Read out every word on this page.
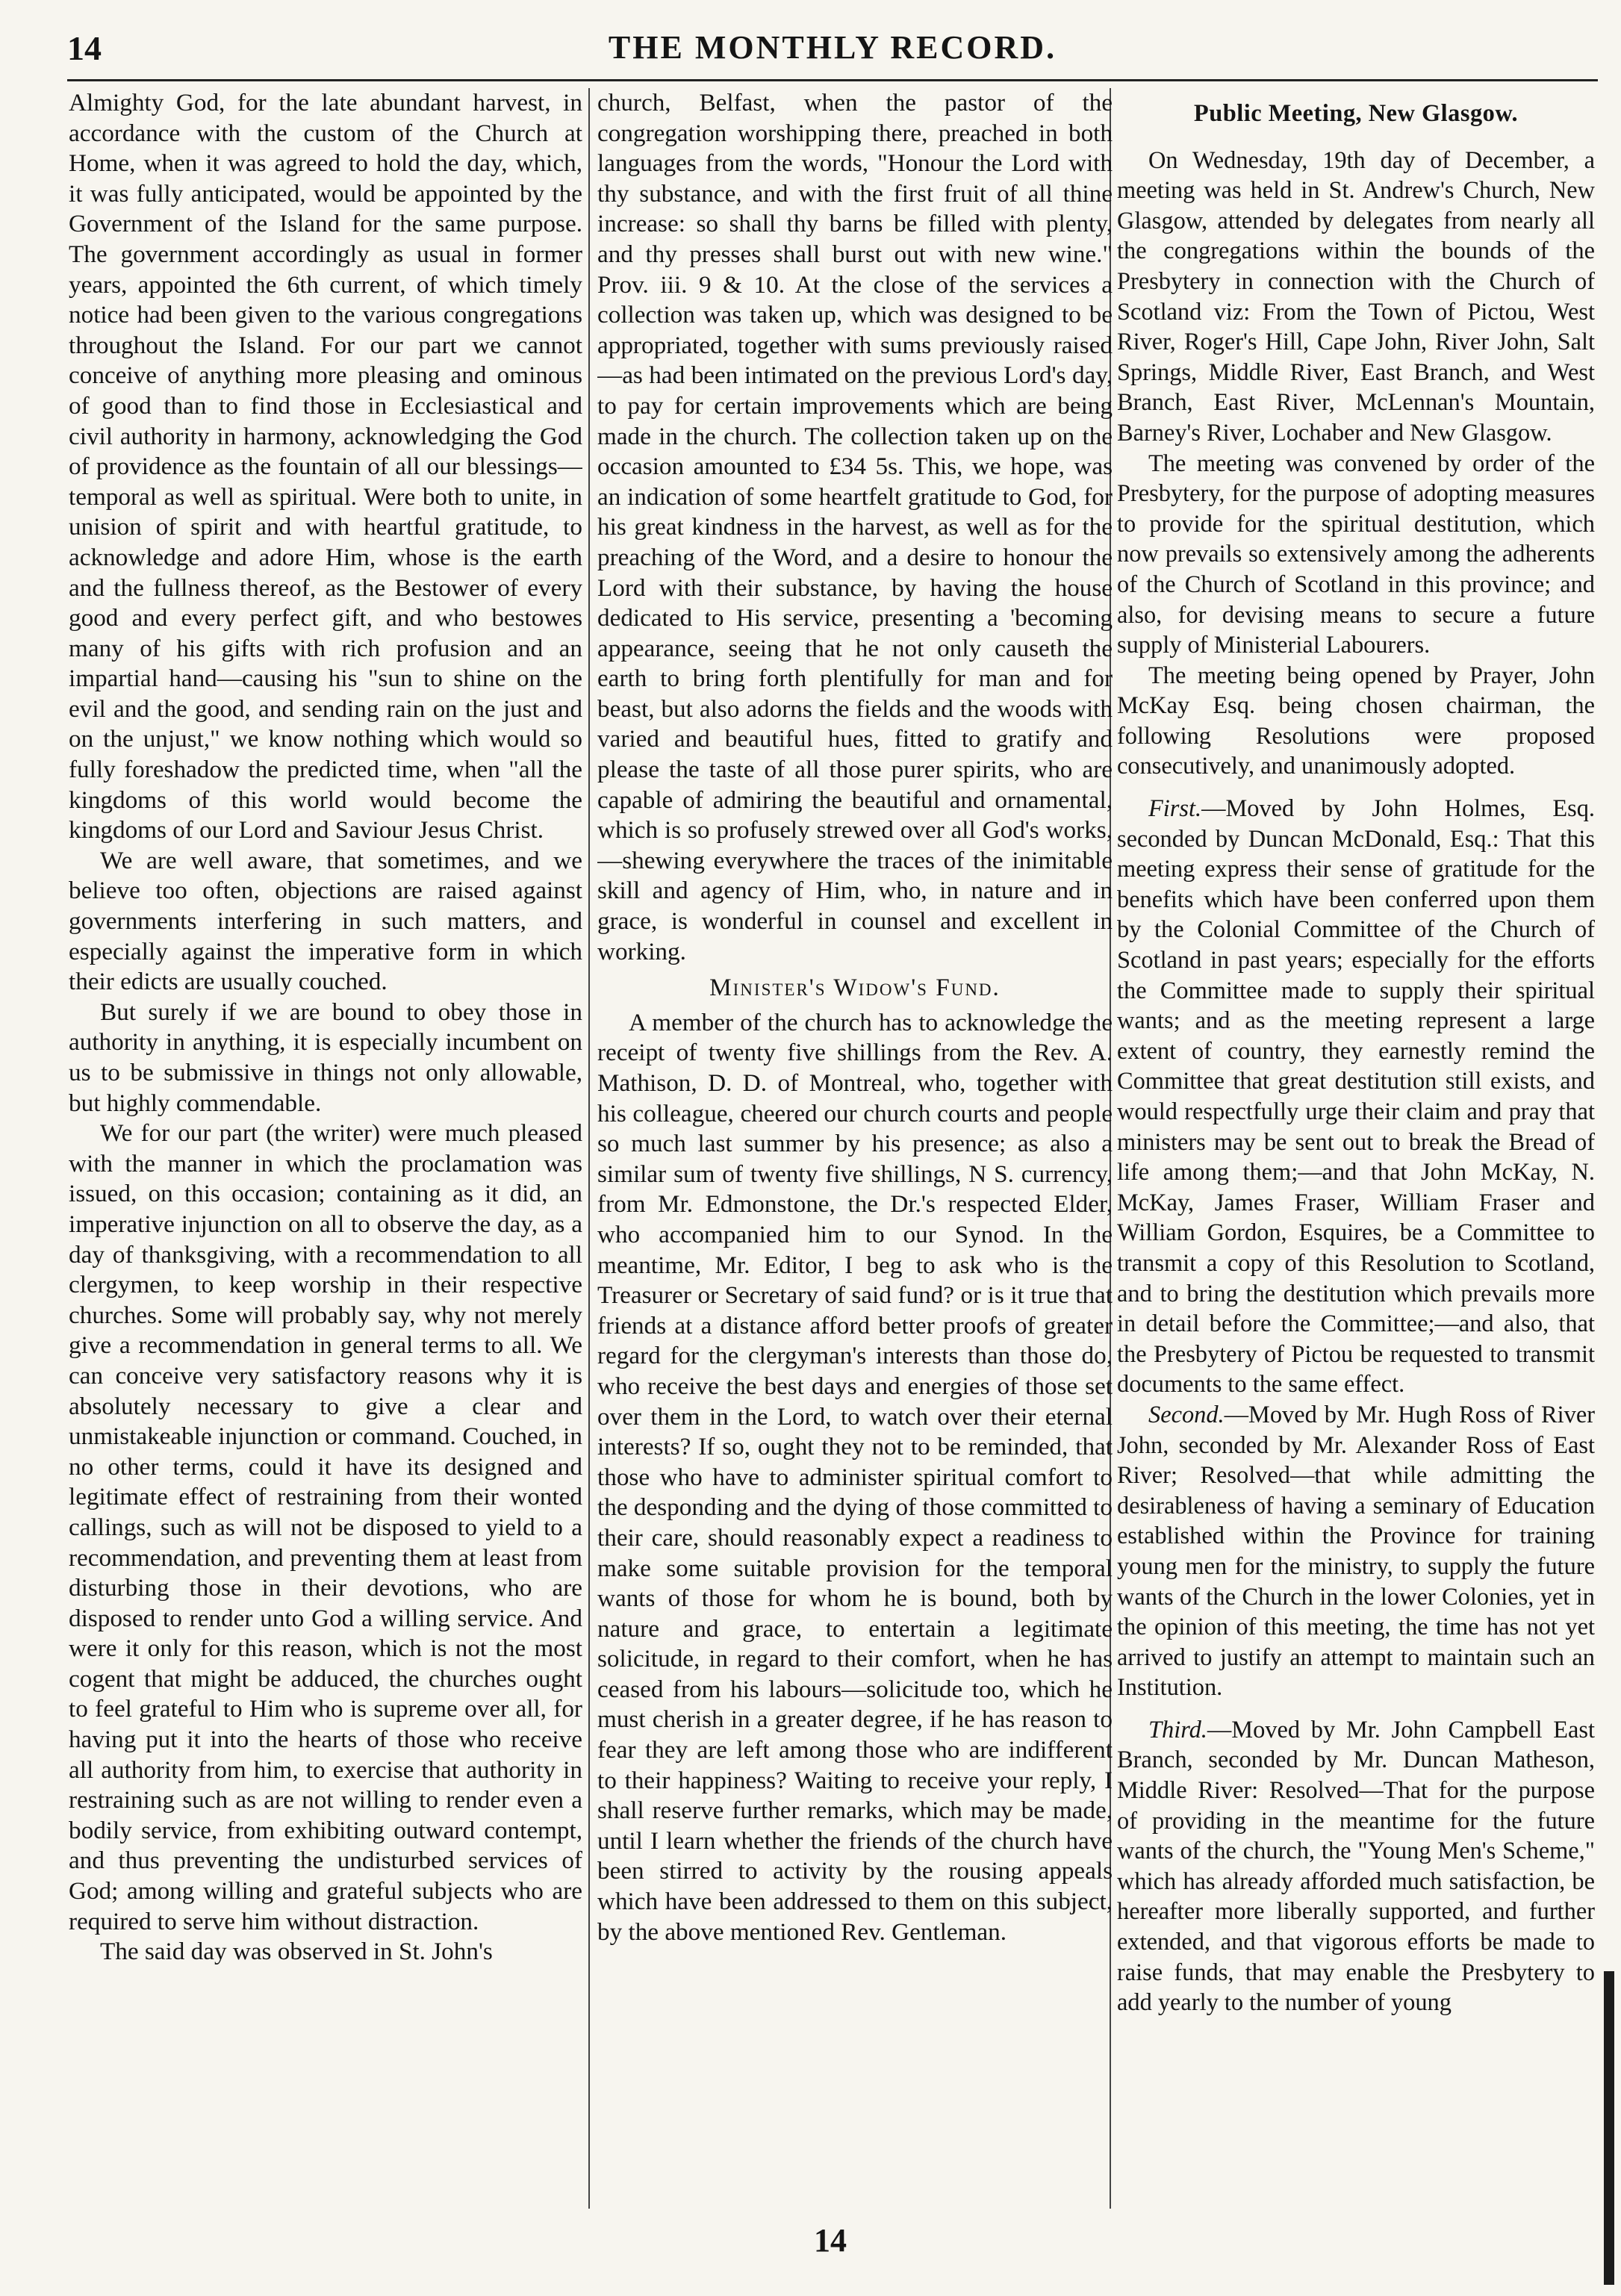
14	THE MONTHLY RECORD.

Almighty God, for the late abundant harvest, in accordance with the custom of the Church at Home, when it was agreed to hold the day, which, it was fully anticipated, would be appointed by the Government of the Island for the same purpose. The government accordingly as usual in former years, appointed the 6th current, of which timely notice had been given to the various congregations throughout the Island. For our part we cannot conceive of anything more pleasing and ominous of good than to find those in Ecclesiastical and civil authority in harmony, acknowledging the God of providence as the fountain of all our blessings—temporal as well as spiritual. Were both to unite, in unision of spirit and with heartful gratitude, to acknowledge and adore Him, whose is the earth and the fullness thereof, as the Bestower of every good and every perfect gift, and who bestowes many of his gifts with rich profusion and an impartial hand—causing his "sun to shine on the evil and the good, and sending rain on the just and on the unjust," we know nothing which would so fully foreshadow the predicted time, when "all the kingdoms of this world would become the kingdoms of our Lord and Saviour Jesus Christ.

We are well aware, that sometimes, and we believe too often, objections are raised against governments interfering in such matters, and especially against the imperative form in which their edicts are usually couched.

But surely if we are bound to obey those in authority in anything, it is especially incumbent on us to be submissive in things not only allowable, but highly commendable.

We for our part (the writer) were much pleased with the manner in which the proclamation was issued, on this occasion; containing as it did, an imperative injunction on all to observe the day, as a day of thanksgiving, with a recommendation to all clergymen, to keep worship in their respective churches. Some will probably say, why not merely give a recommendation in general terms to all. We can conceive very satisfactory reasons why it is absolutely necessary to give a clear and unmistakeable injunction or command. Couched, in no other terms, could it have its designed and legitimate effect of restraining from their wonted callings, such as will not be disposed to yield to a recommendation, and preventing them at least from disturbing those in their devotions, who are disposed to render unto God a willing service. And were it only for this reason, which is not the most cogent that might be adduced, the churches ought to feel grateful to Him who is supreme over all, for having put it into the hearts of those who receive all authority from him, to exercise that authority in restraining such as are not willing to render even a bodily service, from exhibiting outward contempt, and thus preventing the undisturbed services of God; among willing and grateful subjects who are required to serve him without distraction.

The said day was observed in St. John's

church, Belfast, when the pastor of the congregation worshipping there, preached in both languages from the words, "Honour the Lord with thy substance, and with the first fruit of all thine increase: so shall thy barns be filled with plenty, and thy presses shall burst out with new wine." Prov. iii. 9 & 10. At the close of the services a collection was taken up, which was designed to be appropriated, together with sums previously raised—as had been intimated on the previous Lord's day, to pay for certain improvements which are being made in the church. The collection taken up on the occasion amounted to £34 5s. This, we hope, was an indication of some heartfelt gratitude to God, for his great kindness in the harvest, as well as for the preaching of the Word, and a desire to honour the Lord with their substance, by having the house dedicated to His service, presenting a 'becoming appearance, seeing that he not only causeth the earth to bring forth plentifully for man and for beast, but also adorns the fields and the woods with varied and beautiful hues, fitted to gratify and please the taste of all those purer spirits, who are capable of admiring the beautiful and ornamental, which is so profusely strewed over all God's works,—shewing everywhere the traces of the inimitable skill and agency of Him, who, in nature and in grace, is wonderful in counsel and excellent in working.

Minister's Widow's Fund.

A member of the church has to acknowledge the receipt of twenty five shillings from the Rev. A. Mathison, D. D. of Montreal, who, together with his colleague, cheered our church courts and people so much last summer by his presence; as also a similar sum of twenty five shillings, N S. currency, from Mr. Edmonstone, the Dr.'s respected Elder, who accompanied him to our Synod. In the meantime, Mr. Editor, I beg to ask who is the Treasurer or Secretary of said fund? or is it true that friends at a distance afford better proofs of greater regard for the clergyman's interests than those do, who receive the best days and energies of those set over them in the Lord, to watch over their eternal interests? If so, ought they not to be reminded, that those who have to administer spiritual comfort to the desponding and the dying of those committed to their care, should reasonably expect a readiness to make some suitable provision for the temporal wants of those for whom he is bound, both by nature and grace, to entertain a legitimate solicitude, in regard to their comfort, when he has ceased from his labours—solicitude too, which he must cherish in a greater degree, if he has reason to fear they are left among those who are indifferent to their happiness? Waiting to receive your reply, I shall reserve further remarks, which may be made, until I learn whether the friends of the church have been stirred to activity by the rousing appeals which have been addressed to them on this subject, by the above mentioned Rev. Gentleman.

Public Meeting, New Glasgow.

On Wednesday, 19th day of December, a meeting was held in St. Andrew's Church, New Glasgow, attended by delegates from nearly all the congregations within the bounds of the Presbytery in connection with the Church of Scotland viz: From the Town of Pictou, West River, Roger's Hill, Cape John, River John, Salt Springs, Middle River, East Branch, and West Branch, East River, McLennan's Mountain, Barney's River, Lochaber and New Glasgow.

The meeting was convened by order of the Presbytery, for the purpose of adopting measures to provide for the spiritual destitution, which now prevails so extensively among the adherents of the Church of Scotland in this province; and also, for devising means to secure a future supply of Ministerial Labourers.

The meeting being opened by Prayer, John McKay Esq. being chosen chairman, the following Resolutions were proposed consecutively, and unanimously adopted.

First.—Moved by John Holmes, Esq. seconded by Duncan McDonald, Esq.: That this meeting express their sense of gratitude for the benefits which have been conferred upon them by the Colonial Committee of the Church of Scotland in past years; especially for the efforts the Committee made to supply their spiritual wants; and as the meeting represent a large extent of country, they earnestly remind the Committee that great destitution still exists, and would respectfully urge their claim and pray that ministers may be sent out to break the Bread of life among them;—and that John McKay, N. McKay, James Fraser, William Fraser and William Gordon, Esquires, be a Committee to transmit a copy of this Resolution to Scotland, and to bring the destitution which prevails more in detail before the Committee;—and also, that the Presbytery of Pictou be requested to transmit documents to the same effect.

Second.—Moved by Mr. Hugh Ross of River John, seconded by Mr. Alexander Ross of East River; Resolved—that while admitting the desirableness of having a seminary of Education established within the Province for training young men for the ministry, to supply the future wants of the Church in the lower Colonies, yet in the opinion of this meeting, the time has not yet arrived to justify an attempt to maintain such an Institution.

Third.—Moved by Mr. John Campbell East Branch, seconded by Mr. Duncan Matheson, Middle River: Resolved—That for the purpose of providing in the meantime for the future wants of the church, the "Young Men's Scheme," which has already afforded much satisfaction, be hereafter more liberally supported, and further extended, and that vigorous efforts be made to raise funds, that may enable the Presbytery to add yearly to the number of young

14
